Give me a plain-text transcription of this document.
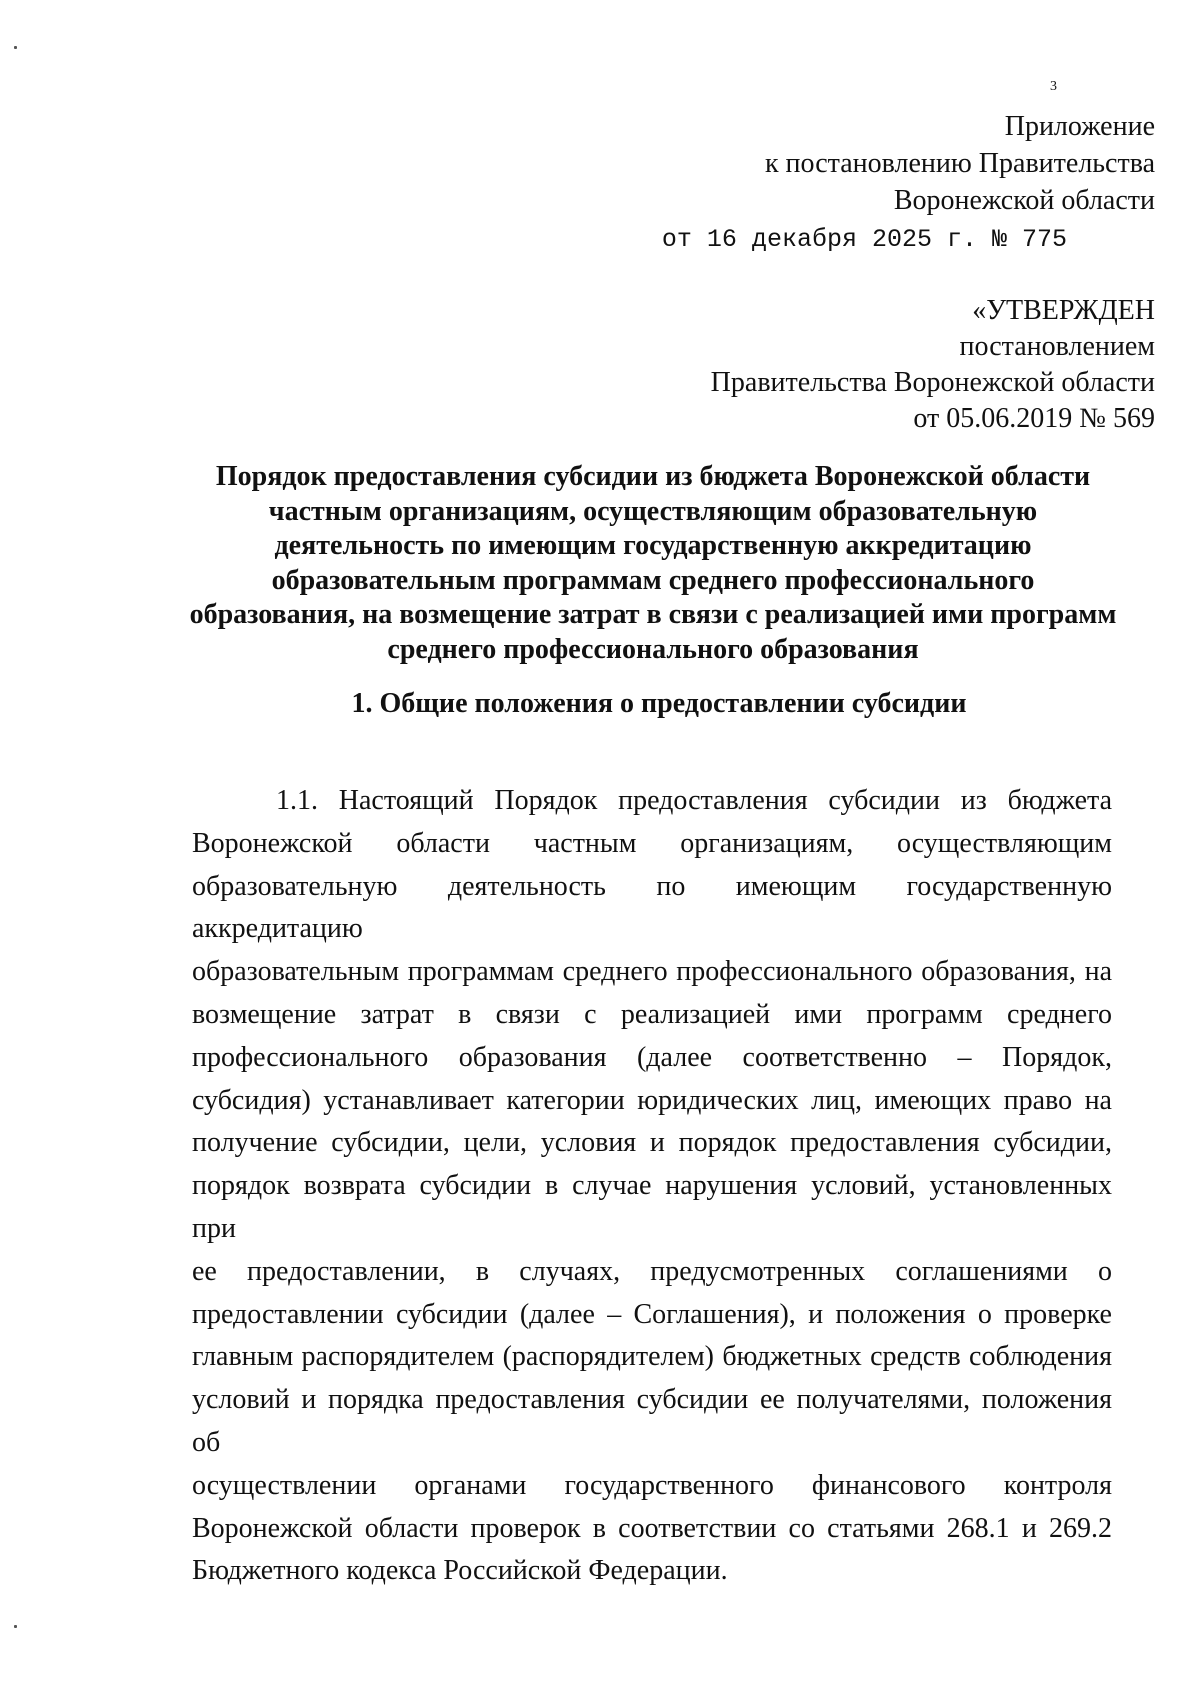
3
Приложение
к постановлению Правительства
Воронежской области
от 16 декабря 2025 г. № 775
«УТВЕРЖДЕН
постановлением
Правительства Воронежской области
от 05.06.2019 № 569
Порядок предоставления субсидии из бюджета Воронежской области
частным организациям, осуществляющим образовательную
деятельность по имеющим государственную аккредитацию
образовательным программам среднего профессионального
образования, на возмещение затрат в связи с реализацией ими программ
среднего профессионального образования
1. Общие положения о предоставлении субсидии
1.1. Настоящий Порядок предоставления субсидии из бюджета
Воронежской области частным организациям, осуществляющим
образовательную деятельность по имеющим государственную аккредитацию
образовательным программам среднего профессионального образования, на
возмещение затрат в связи с реализацией ими программ среднего
профессионального образования (далее соответственно – Порядок,
субсидия) устанавливает категории юридических лиц, имеющих право на
получение субсидии, цели, условия и порядок предоставления субсидии,
порядок возврата субсидии в случае нарушения условий, установленных при
ее предоставлении, в случаях, предусмотренных соглашениями о
предоставлении субсидии (далее – Соглашения), и положения о проверке
главным распорядителем (распорядителем) бюджетных средств соблюдения
условий и порядка предоставления субсидии ее получателями, положения об
осуществлении органами государственного финансового контроля
Воронежской области проверок в соответствии со статьями 268.1 и 269.2
Бюджетного кодекса Российской Федерации.
